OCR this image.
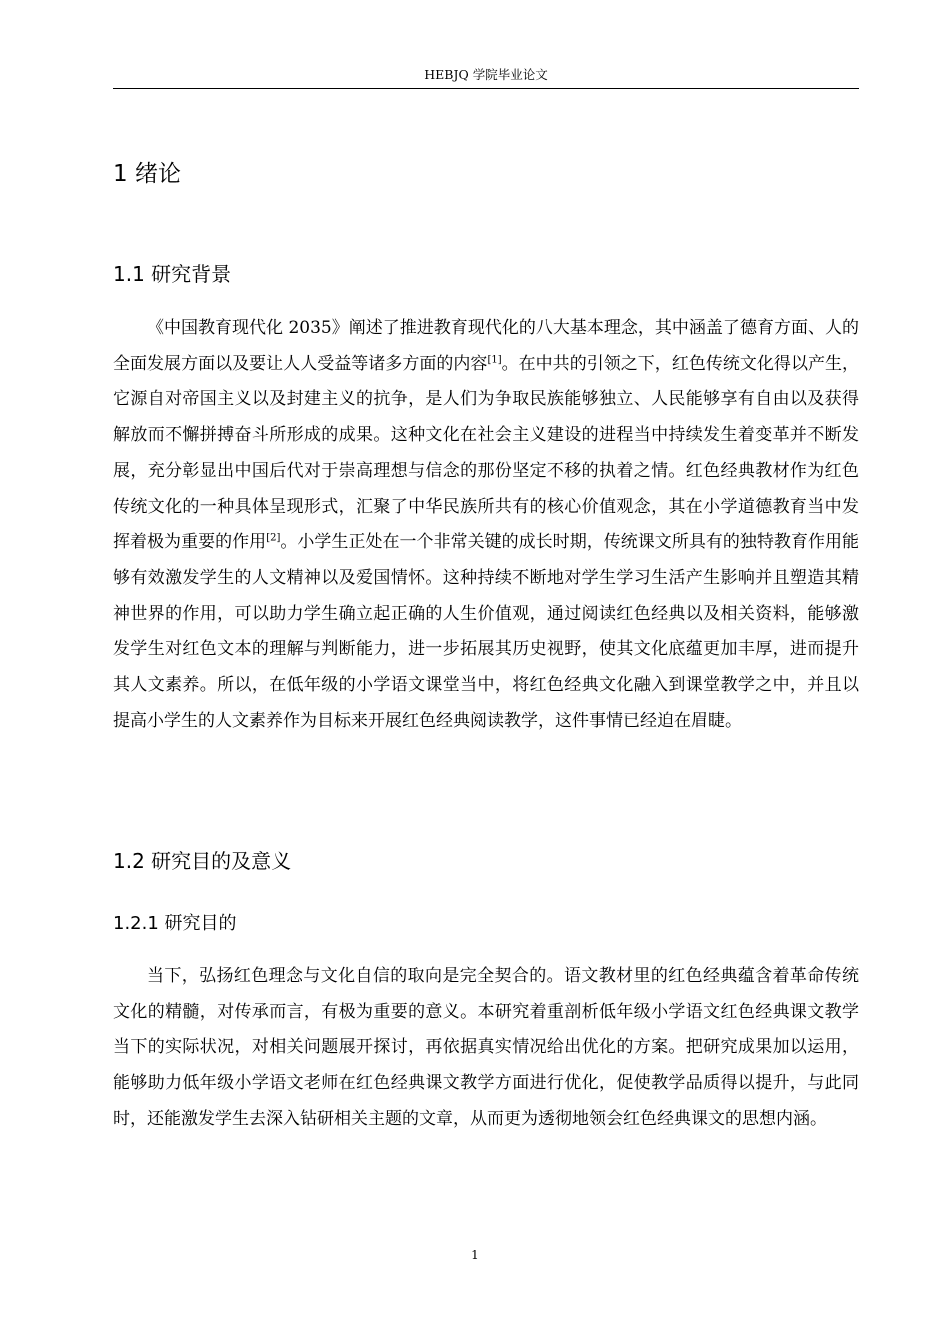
HEBJQ 学院毕业论文
1 绪论
1.1 研究背景

《中国教育现代化 2035》阐述了推进教育现代化的八大基本理念，其中涵盖了德育方面、人的全面发展方面以及要让人人受益等诸多方面的内容[1]。在中共的引领之下，红色传统文化得以产生，它源自对帝国主义以及封建主义的抗争，是人们为争取民族能够独立、人民能够享有自由以及获得解放而不懈拼搏奋斗所形成的成果。这种文化在社会主义建设的进程当中持续发生着变革并不断发展，充分彰显出中国后代对于崇高理想与信念的那份坚定不移的执着之情。红色经典教材作为红色传统文化的一种具体呈现形式，汇聚了中华民族所共有的核心价值观念，其在小学道德教育当中发挥着极为重要的作用[2]。小学生正处在一个非常关键的成长时期，传统课文所具有的独特教育作用能够有效激发学生的人文精神以及爱国情怀。这种持续不断地对学生学习生活产生影响并且塑造其精神世界的作用，可以助力学生确立起正确的人生价值观，通过阅读红色经典以及相关资料，能够激发学生对红色文本的理解与判断能力，进一步拓展其历史视野，使其文化底蕴更加丰厚，进而提升其人文素养。所以，在低年级的小学语文课堂当中，将红色经典文化融入到课堂教学之中，并且以提高小学生的人文素养作为目标来开展红色经典阅读教学，这件事情已经迫在眉睫。

1.2 研究目的及意义
1.2.1 研究目的

当下，弘扬红色理念与文化自信的取向是完全契合的。语文教材里的红色经典蕴含着革命传统文化的精髓，对传承而言，有极为重要的意义。本研究着重剖析低年级小学语文红色经典课文教学当下的实际状况，对相关问题展开探讨，再依据真实情况给出优化的方案。把研究成果加以运用，能够助力低年级小学语文老师在红色经典课文教学方面进行优化，促使教学品质得以提升，与此同时，还能激发学生去深入钻研相关主题的文章，从而更为透彻地领会红色经典课文的思想内涵。

1
